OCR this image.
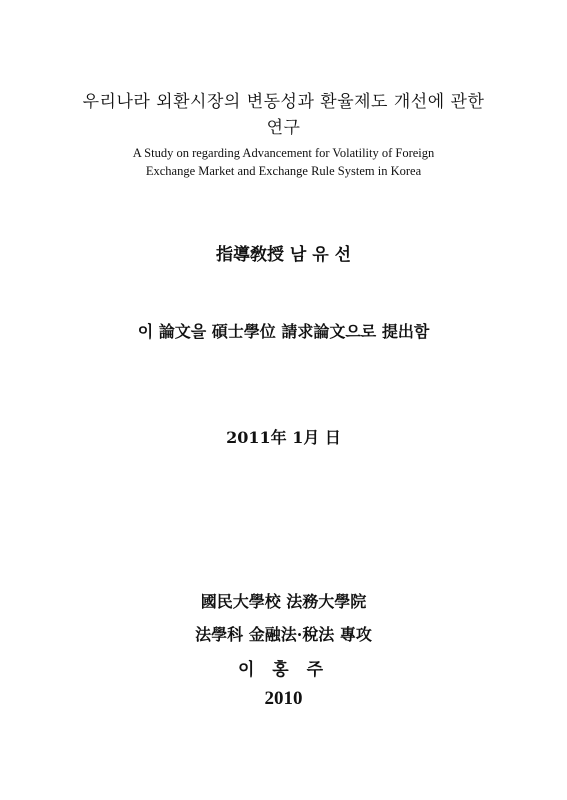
우리나라 외환시장의 변동성과 환율제도 개선에 관한
연구
A Study on regarding Advancement for Volatility of Foreign
Exchange Market and Exchange Rule System in Korea
指導敎授 남 유 선
이 論文을 碩士學位 請求論文으로 提出함
2011年 1月 日
國民大學校 法務大學院
法學科 金融法·稅法 專攻
이 홍 주
2010
